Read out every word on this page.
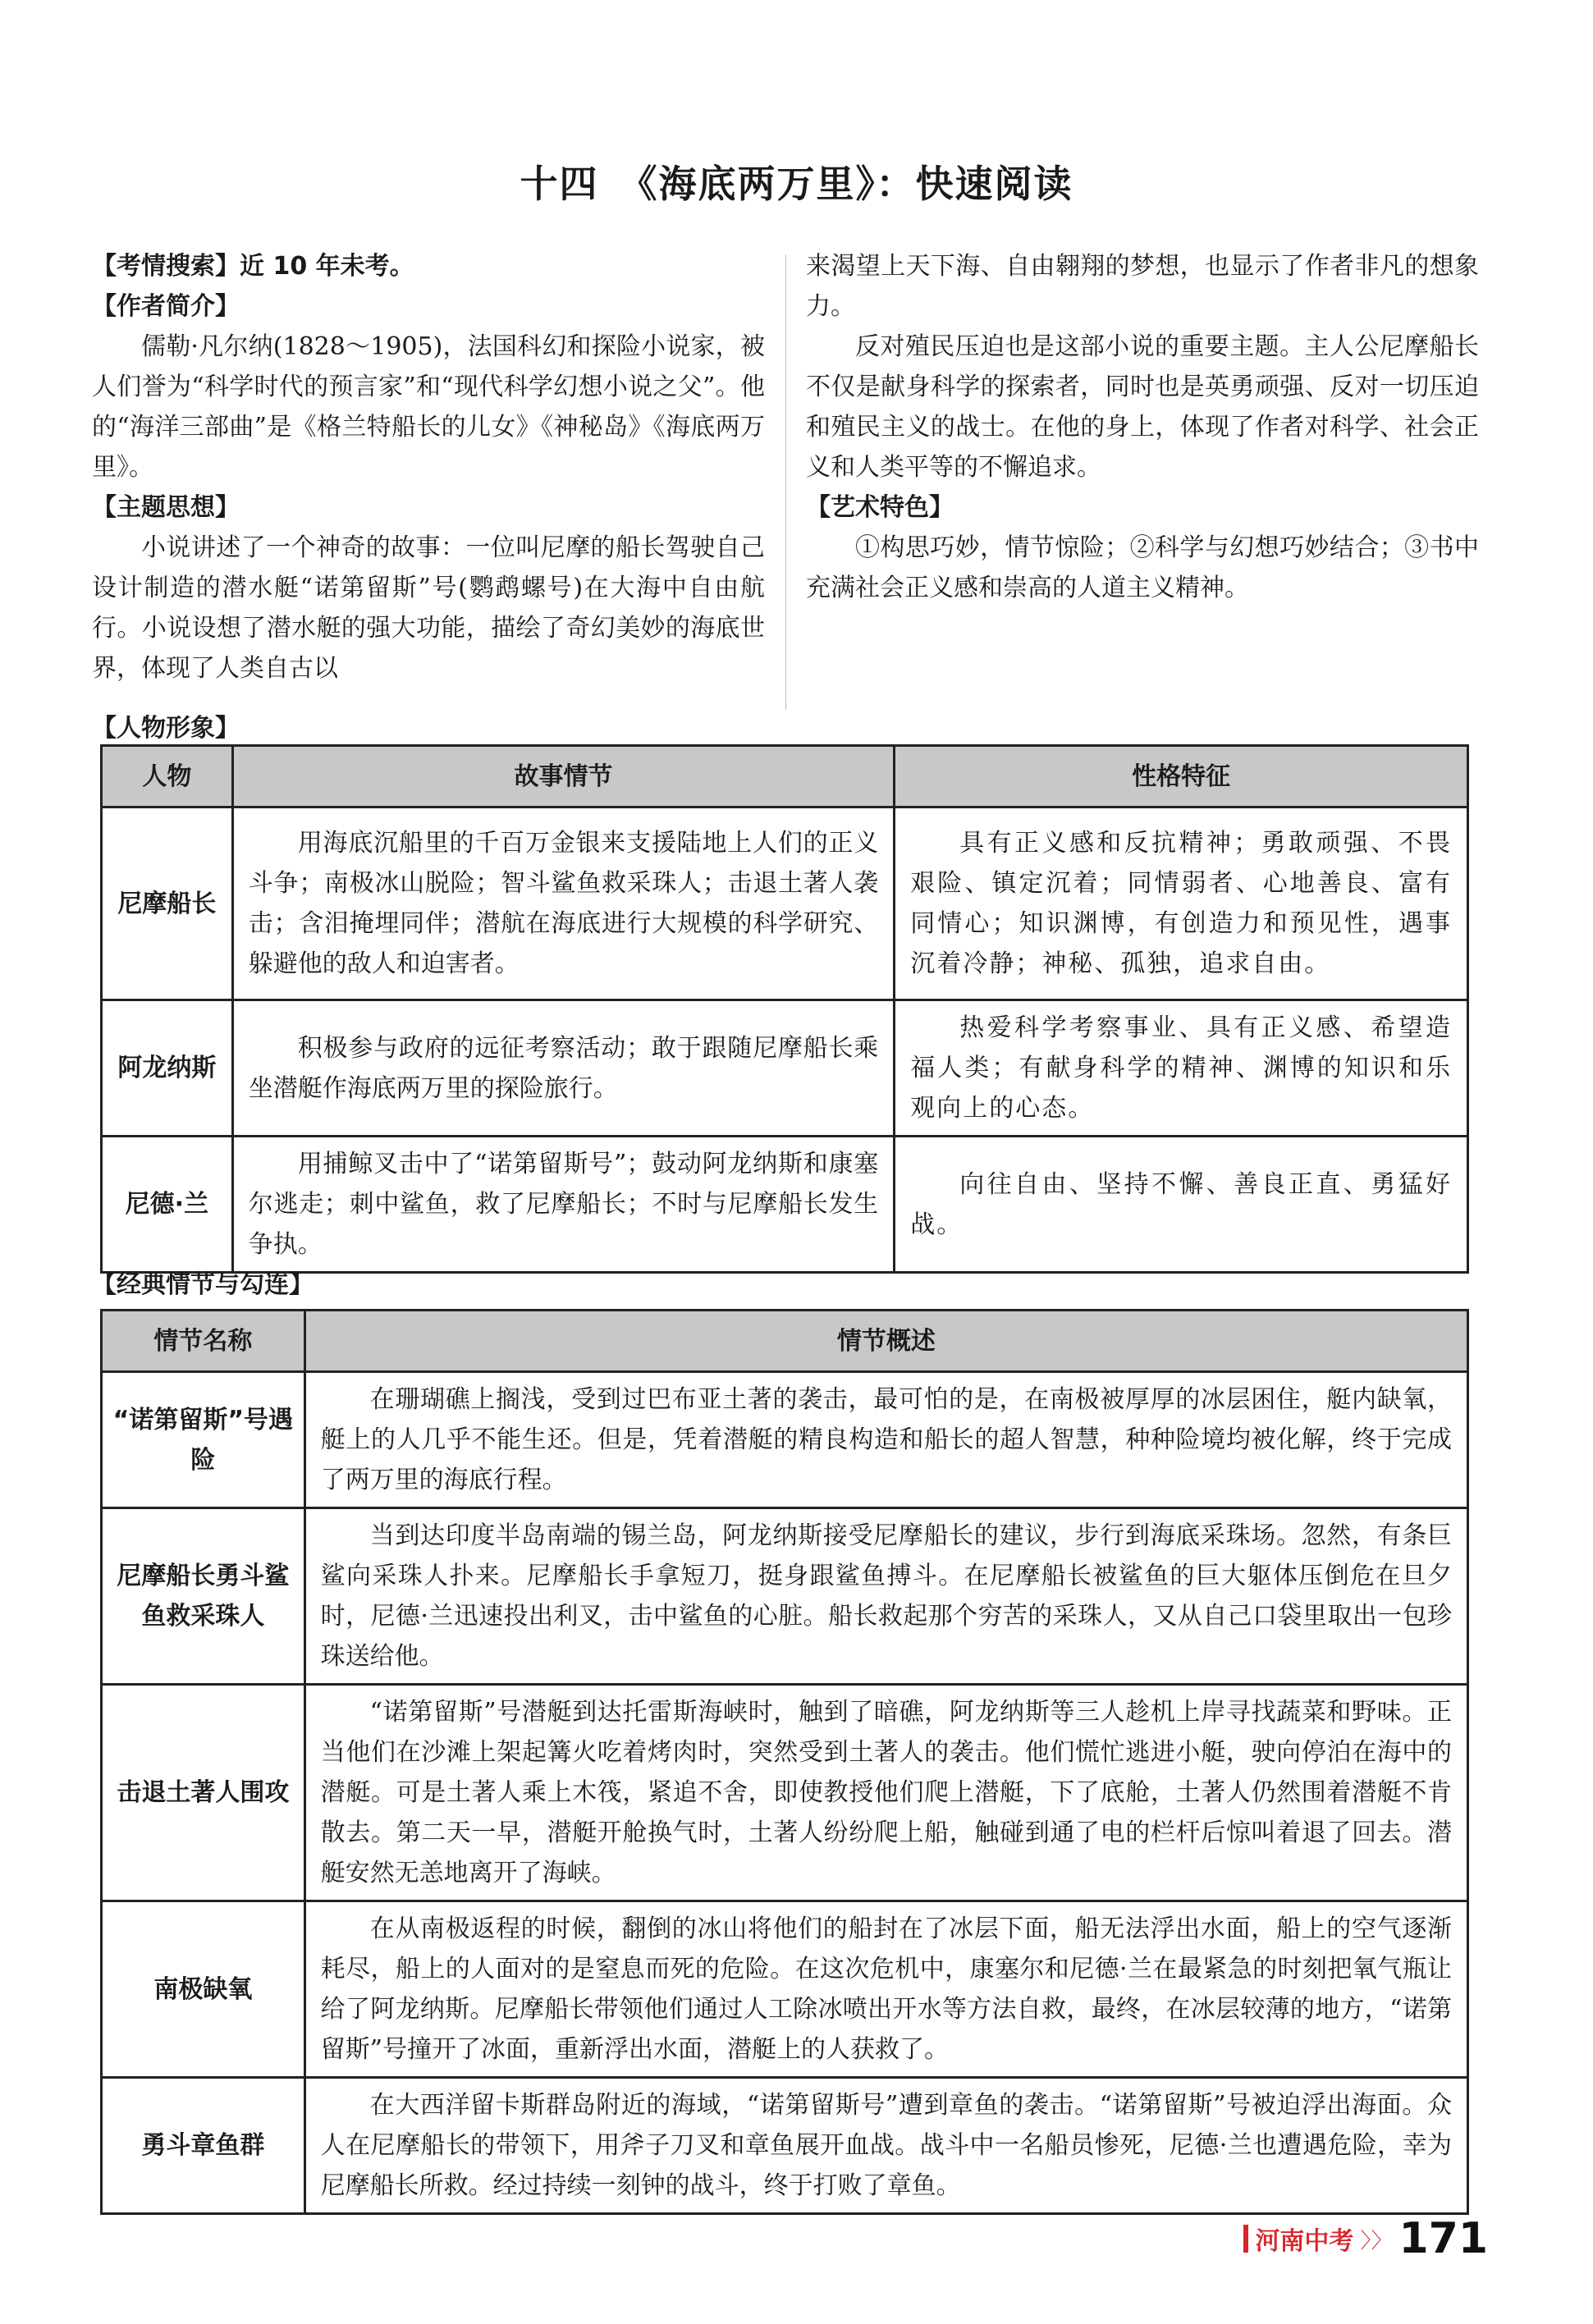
十四　《海底两万里》：快速阅读
【考情搜索】近 10 年未考。
【作者简介】

儒勒·凡尔纳(1828～1905)，法国科幻和探险小说家，被人们誉为“科学时代的预言家”和“现代科学幻想小说之父”。他的“海洋三部曲”是《格兰特船长的儿女》《神秘岛》《海底两万里》。

【主题思想】

小说讲述了一个神奇的故事：一位叫尼摩的船长驾驶自己设计制造的潜水艇“诺第留斯”号(鹦鹉螺号)在大海中自由航行。小说设想了潜水艇的强大功能，描绘了奇幻美妙的海底世界，体现了人类自古以

来渴望上天下海、自由翱翔的梦想，也显示了作者非凡的想象力。

反对殖民压迫也是这部小说的重要主题。主人公尼摩船长不仅是献身科学的探索者，同时也是英勇顽强、反对一切压迫和殖民主义的战士。在他的身上，体现了作者对科学、社会正义和人类平等的不懈追求。

【艺术特色】

①构思巧妙，情节惊险；②科学与幻想巧妙结合；③书中充满社会正义感和崇高的人道主义精神。

【人物形象】
人物	故事情节	性格特征
尼摩船长	用海底沉船里的千百万金银来支援陆地上人们的正义斗争；南极冰山脱险；智斗鲨鱼救采珠人；击退土著人袭击；含泪掩埋同伴；潜航在海底进行大规模的科学研究、躲避他的敌人和迫害者。	具有正义感和反抗精神；勇敢顽强、不畏艰险、镇定沉着；同情弱者、心地善良、富有同情心；知识渊博，有创造力和预见性，遇事沉着冷静；神秘、孤独，追求自由。

阿龙纳斯	积极参与政府的远征考察活动；敢于跟随尼摩船长乘坐潜艇作海底两万里的探险旅行。	热爱科学考察事业、具有正义感、希望造福人类；有献身科学的精神、渊博的知识和乐观向上的心态。

尼德·兰	用捕鲸叉击中了“诺第留斯号”；鼓动阿龙纳斯和康塞尔逃走；刺中鲨鱼，救了尼摩船长；不时与尼摩船长发生争执。	向往自由、坚持不懈、善良正直、勇猛好战。

【经典情节与勾连】
情节名称	情节概述
“诺第留斯”号遇险	在珊瑚礁上搁浅，受到过巴布亚土著的袭击，最可怕的是，在南极被厚厚的冰层困住，艇内缺氧，艇上的人几乎不能生还。但是，凭着潜艇的精良构造和船长的超人智慧，种种险境均被化解，终于完成了两万里的海底行程。

尼摩船长勇斗鲨鱼救采珠人	当到达印度半岛南端的锡兰岛，阿龙纳斯接受尼摩船长的建议，步行到海底采珠场。忽然，有条巨鲨向采珠人扑来。尼摩船长手拿短刀，挺身跟鲨鱼搏斗。在尼摩船长被鲨鱼的巨大躯体压倒危在旦夕时，尼德·兰迅速投出利叉，击中鲨鱼的心脏。船长救起那个穷苦的采珠人，又从自己口袋里取出一包珍珠送给他。

击退土著人围攻	“诺第留斯”号潜艇到达托雷斯海峡时，触到了暗礁，阿龙纳斯等三人趁机上岸寻找蔬菜和野味。正当他们在沙滩上架起篝火吃着烤肉时，突然受到土著人的袭击。他们慌忙逃进小艇，驶向停泊在海中的潜艇。可是土著人乘上木筏，紧追不舍，即使教授他们爬上潜艇，下了底舱，土著人仍然围着潜艇不肯散去。第二天一早，潜艇开舱换气时，土著人纷纷爬上船，触碰到通了电的栏杆后惊叫着退了回去。潜艇安然无恙地离开了海峡。

南极缺氧	在从南极返程的时候，翻倒的冰山将他们的船封在了冰层下面，船无法浮出水面，船上的空气逐渐耗尽，船上的人面对的是窒息而死的危险。在这次危机中，康塞尔和尼德·兰在最紧急的时刻把氧气瓶让给了阿龙纳斯。尼摩船长带领他们通过人工除冰喷出开水等方法自救，最终，在冰层较薄的地方，“诺第留斯”号撞开了冰面，重新浮出水面，潜艇上的人获救了。

勇斗章鱼群	在大西洋留卡斯群岛附近的海域，“诺第留斯号”遭到章鱼的袭击。“诺第留斯”号被迫浮出海面。众人在尼摩船长的带领下，用斧子刀叉和章鱼展开血战。战斗中一名船员惨死，尼德·兰也遭遇危险，幸为尼摩船长所救。经过持续一刻钟的战斗，终于打败了章鱼。

河南中考 〉〉 171
